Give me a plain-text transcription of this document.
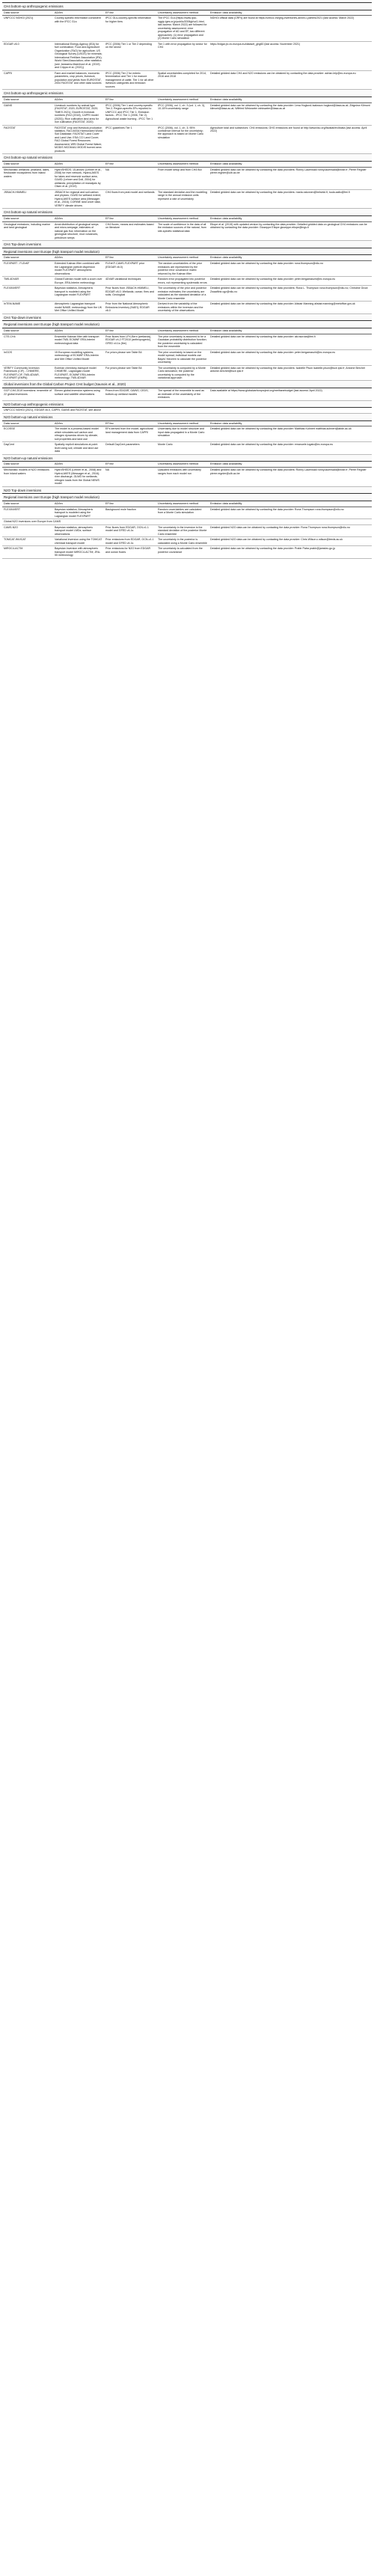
CH4 bottom-up anthropogenic emissions				
Data source	AD/lnv	EF/lnv	Uncertainty assessment method	Emission data availability
UNFCCC NGHGI (2021)	Country-specific information consistent with the IPCC GLs	IPCC GLs-country-specific information for higher tiers	The IPCC GLs (https://www.ipcc-nggip.iges.or.jp/public/2006gl/vol1.html, last access: March 2022) are followed for uncertainty assessment: error propagation of AD and EF, two different approaches: (1) error propagation and (2) Monte Carlo simulation	NGHGI official data (CRFs) are found at https://unfccc.int/ghg-inventories-annex-i-parties/2021 (last access: March 2022)
EDGAR v6.0	International Energy Agency (IEA) for fuel combustion; Food and Agriculture Organization (FAO) for agriculture; US Geological Survey (USGS) for minerals; International Fertilizer Association (IFA); World Steel Association; other statistics (see Janssens-Maenhout et al. (2019) and Crippa et al. (2021))	IPCC (2006) Tier 1 or Tier 2 depending on the sector	Tier 1 with error propagation by sector for CH4	https://edgar.jrc.ec.europa.eu/dataset_ghg60 (last access: November 2021)
CAPRI	Farm and market balances, economic parameters, crop prices, livestock, population and yields from EUROSTAT, 2004 FAOSTAT and other data sources	IPCC (2006) Tier 2 for enteric fermentation and Tier 1 for manure management of cattle. Tier 1 for all other livestock categories and emission sources	Spatial uncertainties completed for 2014, 2016 and 2018	Detailed gridded data CH4 and N2O emissions can be obtained by contacting the data provider: adrian.leip@ec.europa.eu
CH4 bottom-up anthropogenic emissions				
Data source	AD/lnv	EF/lnv	Uncertainty assessment method	Emission data availability
GAINS	Livestock numbers by animal type (FAOSTAT, 2020; EUROSTAT, 2020; TIMES 2021); Growth in livestock numbers (FAO (2018), CAPRI model (2020)); Rice cultivation land area for rice cultivation (FAOSTAT, 2020)	IPCC (2006) Tier 1 and country-specific Tier 2; Region-specific EFs reported to UNFCCC and IPCC Tier 1; Emission factors - IPCC Tier 1 (2006, Tier 2), Agricultural waste burning - IPCC Tier 1	IPCC (2006), vol. 1, ch. 3 (vol. 1, ch. 3), 10-15% uncertainty range	Detailed gridded data can be obtained by contacting the data provider: Lena Hoglund-Isaksson hoglund@iiasa.ac.at; Zbigniew Klimont klimont@iiasa.ac.at; Wilfried Winiwarter winiwarter@iiasa.ac.at
FAOSTAT	FAOSTAT crop and livestock production statistics; FAO-IIASA Harmonized World Soil Database; FAOSTAT Land Cover and Land Use; ESA CCI Land Cover; FAO Global Forest Resources Assessment; WRI Global Forest Watch; MODIS MCD64A1 MODIS burned area products	IPCC guidelines Tier 1	IPCC (2006), vol. 1, ch. 3; 95% confidence interval for the uncertainty; the approach is based on Monte Carlo simulation	Agriculture total and subsectors: CH4 emissions; GHG emissions are found at http://www.fao.org/faostat/en/#data (last access: April 2022)
CH4 bottom-up natural emissions				
Data source	AD/lnv	EF/lnv	Uncertainty assessment method	Emission data availability
Mechanistic wetlands: peatland, lakes, freshwater ecosystems from inland waters	HydroSHEDS; 15-arcsec (Lehner et al., 2008) for river network, HydroLAKES for lakes and reservoir surface area; GLWD (Lehner and Doll, 2004) for wetlands; precipitation of reanalysis by Olsen et al. (2019)	NA	From model setup and from CH4 flux	Detailed gridded data can be obtained by contacting the data providers: Ronny Lauerwald ronny.lauerwald@inrae.fr; Pierre Regnier pierre.regnier@ulb.ac.be
JSBACH-HIMMELI	JSBACH for regional and soil carbon and physics; GLWD for wetland extent; HydroLAKES surface area (Messager et al., 2016); CORINE land cover data; VERIFY climate drivers	CH4 flows from peat model and wetlands	The standard deviation and the modelling range in the annual emission units represent a rate of uncertainty	Detailed gridded data can be obtained by contacting the data providers: maria.raivonen@helsinki.fi; tuula.aalto@fmi.fi
CH4 bottom-up natural emissions				
Data source	AD/lnv	EF/lnv	Uncertainty assessment method	Emission data availability
Geological emissions, including marine and land geological	Areal distribution of geological seeps and micro-seepage; estimates of natural gas flux; information on the geological structure, mud volcanoes, petroleum seeps	CH4 fluxes, means and estimates based on literature	The scale of confidence in the data of all the emission sources of the natural, from site-specific statistical data	Etiope et al. (2019) with updated version by contacting the data provider; Detailed gridded data on geological CH4 emissions can be obtained by contacting the data provider: Giuseppe Etiope giuseppe.etiope@ingv.it
CH4 Top-down inversions				
Regional inversions over Europe (high transport model resolution)				
Data source	AD/lnv	EF/lnv	Uncertainty assessment method	Emission data availability
FLEXPART - FLExKF	Extended Kalman filter combined with the Lagrangian particle dispersion model FLEXPART atmospheric observations	FLExKF-CAMS-FLEXPART prior (EDGAR v6.0)	The random uncertainties of the prior emissions are represented by the posterior error covariance matrix returned by the Kalman filter	Detailed gridded data can be obtained by contacting the data provider: rona.thompson@nilu.no
TM5-4DVAR	Global Eulerian model with a zoom over Europe, ERA-Interim meteorology	4DVAR variational techniques	Random error propagated into posterior errors, not representing systematic errors	Detailed gridded data can be obtained by contacting the data provider: peter.bergamaschi@ec.europa.eu
FLEXINVERT	Bayesian statistics; Atmospheric transport is modeled using the Lagrangian model FLEXPART	Prior fluxes from JSBACH-HIMMELI, EDGAR v6.0; Wetlands; ocean; fires and soils; Geological	The uncertainty of the prior and posterior emission estimates; the uncertainty are calculated as the standard deviation of a Monte Carlo ensemble	Detailed gridded data can be obtained by contacting the data providers: Rona L. Thompson rona.thompson@nilu.no; Christine Groot Zwaaftink cgz@nilu.no
InTEM-NAME	Atmospheric Lagrangian transport model NAME; meteorology from the UK Met Office Unified Model	Prior from the National Atmospheric Emissions Inventory (NAEI); EDGAR v6.0	Derived from the variability of the emissions within the inversion and the uncertainty of the observations	Detailed gridded data can be obtained by contacting the data provider: Alistair Manning alistair.manning@metoffice.gov.uk
CH4 Top-down inversions				
Regional inversions over Europe (high transport model resolution)				
Data source	AD/lnv	EF/lnv	Uncertainty assessment method	Emission data availability
CTE-CH4	Ensemble Kalman filter with transport model TM5; ECMWF ERA-Interim meteorological data	Prior fluxes from LPX-Bern (wetlands), EDGAR v4.2 FT2010 (anthropogenic), GFED v4.1s (fire)	The prior uncertainty is assumed to be a Gaussian probability distribution function; the posterior uncertainty is calculated from the ensemble	Detailed gridded data can be obtained by contacting the data provider: aki.tsuruta@fmi.fi
InGOS	15 European modelling systems; meteorology of ECMWF ERA-Interim and Met Office Unified Model	For priors please see Table B4	The prior uncertainty is based on the model spread; individual models use Bayes' theorem to calculate the posterior uncertainty	Detailed gridded data can be obtained by contacting the data provider: peter.bergamaschi@ec.europa.eu
VERIFY Community Inversion Framework (CIF) - CHIMERE, FLEXPART-CIF, TM5-4DVAR, FLEXPART (EMPA)	Eulerian chemistry-transport model CHIMERE, Lagrangian model FLEXPART, ECMWF ERA-Interim meteorology; TM5-4DVAR	For priors please see Table B4	The uncertainty is computed by a Monte Carlo simulation; the posterior uncertainty is computed by the variational approach	Detailed gridded data can be obtained by contacting the data providers: Isabelle Pison isabelle.pison@lsce.ipsl.fr; Antoine Berchet antoine.berchet@lsce.ipsl.fr
Global inversions from the Global Carbon Project CH4 budget (Saunois et al., 2020)				
GCP-CH4 2019 inversions: ensemble of 22 global inversions	Eleven global inversion systems using surface and satellite observations	Priors from EDGAR, GAINS, CEDS, bottom-up wetland models	The spread of the ensemble is used as an estimate of the uncertainty of the emissions	Data available at https://www.globalcarbonproject.org/methanebudget (last access: April 2022)
N2O bottom-up anthropogenic emissions				
UNFCCC NGHGI (2021), EDGAR v6.0, CAPRI, GAINS and FAOSTAT, see above				
N2O bottom-up natural emissions				
Data source	AD/lnv	EF/lnv	Uncertainty assessment method	Emission data availability
ECOSSE	The model is a process-based model which simulates soil carbon and nitrogen dynamics driven by climate, soil properties and land use	EFs derived from the model; agricultural land management data from CAPRI	Uncertainty due to model structure and input data propagated in a Monte Carlo simulation	Detailed gridded data can be obtained by contacting the data provider: Matthias Kuhnert matthias.kuhnert@abdn.ac.uk
DayCent	Spatially explicit simulations at point level using soil, climate and land use data	Default DayCent parameters	Monte Carlo	Detailed gridded data can be obtained by contacting the data provider: emanuele.lugato@ec.europa.eu
N2O bottom-up natural emissions				
Data source	AD/lnv	EF/lnv	Uncertainty assessment method	Emission data availability
Mechanistic models of N2O emissions from inland waters	HydroSHEDS (Lehner et al., 2008) and HydroLAKES (Messager et al., 2016); river discharge, GLWD for wetlands; nitrogen loads from the Global NEWS model	NA	Upscaled emissions with uncertainty ranges from each model run	Detailed gridded data can be obtained by contacting the data providers: Ronny Lauerwald ronny.lauerwald@inrae.fr; Pierre Regnier pierre.regnier@ulb.ac.be
N2O Top-down inversions				
Regional inversions over Europe (high transport model resolution)				
Data source	AD/lnv	EF/lnv	Uncertainty assessment method	Emission data availability
FLEXINVERT	Bayesian statistics; Atmospheric transport is modeled using the Lagrangian model FLEXPART	Background mole fraction	Random uncertainties are calculated from a Monte Carlo simulation	Detailed gridded data can be obtained by contacting the data provider: Rona Thompson rona.thompson@nilu.no
Global N2O inversions over Europe from CAMS				
CAMS-N2O	Bayesian statistics; atmospheric transport model LMDz; surface observations	Prior fluxes from EDGAR, OCN-v1.1 model and GFED v4.1s	The uncertainty in the inversion is the standard deviation of the posterior Monte Carlo ensemble	Detailed gridded N2O data can be obtained by contacting the data provider: Rona Thompson rona.thompson@nilu.no
TOMCAT-INVICAT	Variational inversion using the TOMCAT chemical transport model	Prior emissions from EDGAR, OCN-v1.1 model and GFED v4.1s	The uncertainty in the posterior is calculated using a Monte Carlo ensemble	Detailed gridded N2O data can be obtained by contacting the data provider: Chris Wilson c.wilson@leeds.ac.uk
MIROC4-ACTM	Bayesian inversion with atmospheric transport model MIROC4-ACTM; JRA-55 meteorology	Prior emissions for N2O from EDGAR and ocean fluxes	The uncertainty is calculated from the posterior covariance	Detailed gridded data can be obtained by contacting the data provider: Prabir Patra prabir@jamstec.go.jp
